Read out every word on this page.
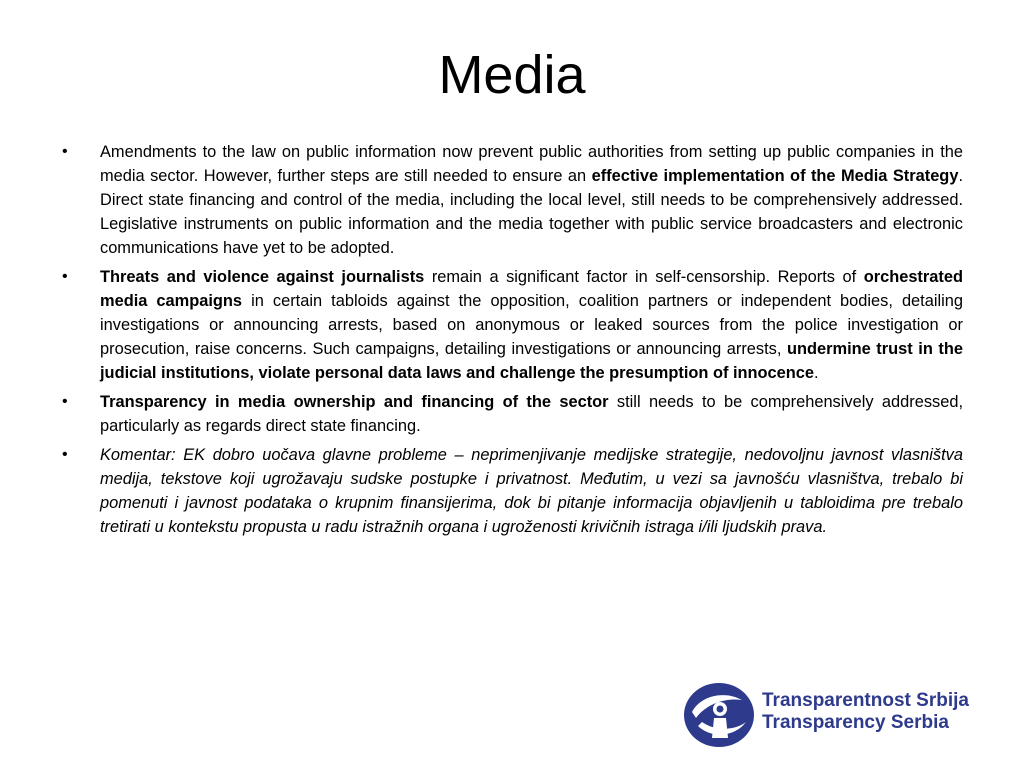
Media
•	Amendments to the law on public information now prevent public authorities from setting up public companies in the media sector. However, further steps are still needed to ensure an effective implementation of the Media Strategy. Direct state financing and control of the media, including the local level, still needs to be comprehensively addressed. Legislative instruments on public information and the media together with public service broadcasters and electronic communications have yet to be adopted.
•	Threats and violence against journalists remain a significant factor in self-censorship. Reports of orchestrated media campaigns in certain tabloids against the opposition, coalition partners or independent bodies, detailing investigations or announcing arrests, based on anonymous or leaked sources from the police investigation or prosecution, raise concerns. Such campaigns, detailing investigations or announcing arrests, undermine trust in the judicial institutions, violate personal data laws and challenge the presumption of innocence.
•	Transparency in media ownership and financing of the sector still needs to be comprehensively addressed, particularly as regards direct state financing.
•	Komentar: EK dobro uočava glavne probleme – neprimenjivanje medijske strategije, nedovoljnu javnost vlasništva medija, tekstove koji ugrožavaju sudske postupke i privatnost. Međutim, u vezi sa javnošću vlasništva, trebalo bi pomenuti i javnost podataka o krupnim finansijerima, dok bi pitanje informacija objavljenih u tabloidima pre trebalo tretirati u kontekstu propusta u radu istražnih organa i ugroženosti krivičnih istraga i/ili ljudskih prava.
Transparentnost Srbija
Transparency Serbia
